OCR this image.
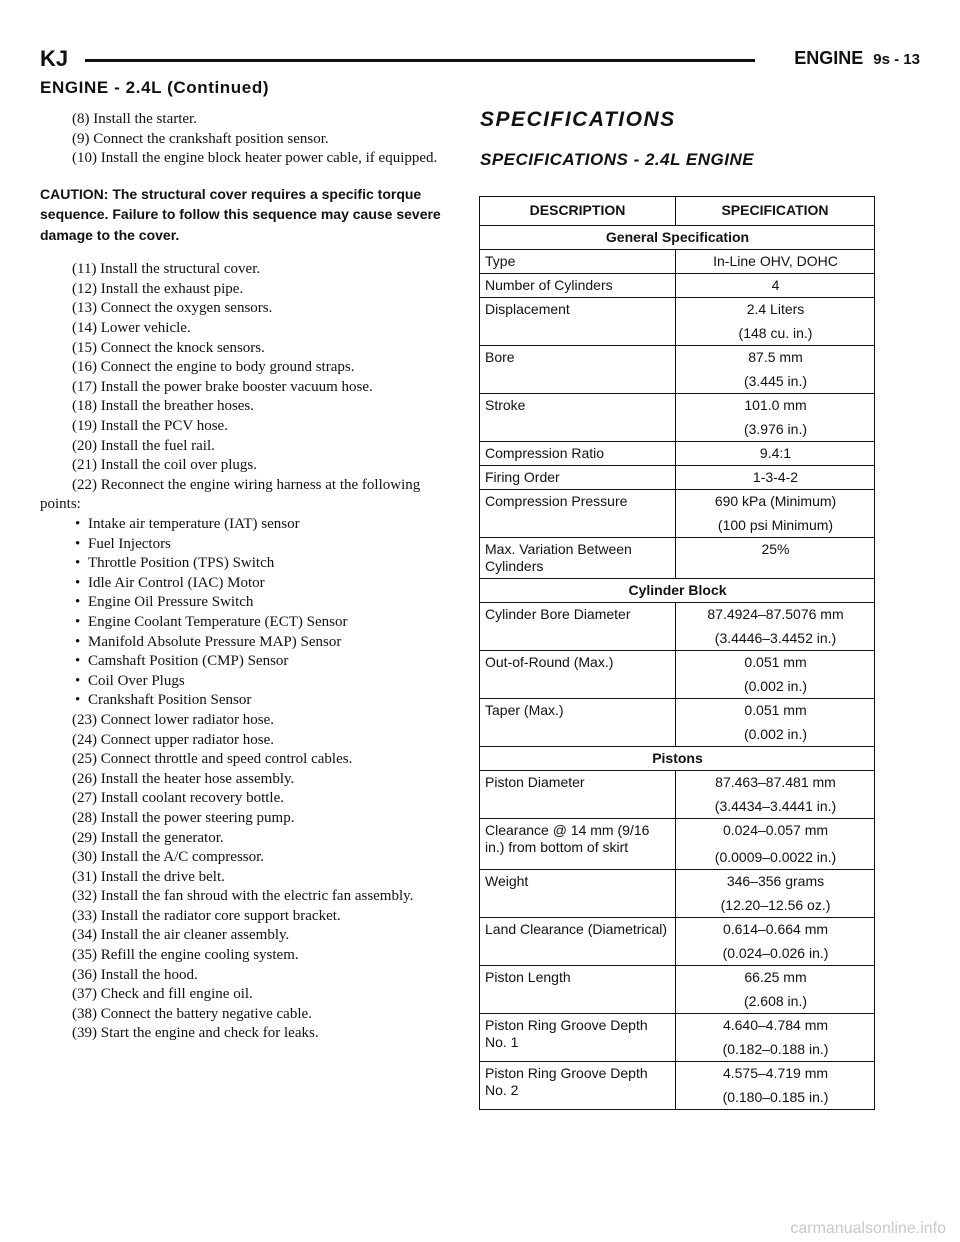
KJ	ENGINE 9s - 13
ENGINE - 2.4L (Continued)

(8) Install the starter.

(9) Connect the crankshaft position sensor.

(10) Install the engine block heater power cable, if equipped.

CAUTION: The structural cover requires a specific torque sequence. Failure to follow this sequence may cause severe damage to the cover.

(11) Install the structural cover.

(12) Install the exhaust pipe.

(13) Connect the oxygen sensors.

(14) Lower vehicle.

(15) Connect the knock sensors.

(16) Connect the engine to body ground straps.

(17) Install the power brake booster vacuum hose.

(18) Install the breather hoses.

(19) Install the PCV hose.

(20) Install the fuel rail.

(21) Install the coil over plugs.

(22) Reconnect the engine wiring harness at the following points:

• Intake air temperature (IAT) sensor

• Fuel Injectors

• Throttle Position (TPS) Switch

• Idle Air Control (IAC) Motor

• Engine Oil Pressure Switch

• Engine Coolant Temperature (ECT) Sensor

• Manifold Absolute Pressure MAP) Sensor

• Camshaft Position (CMP) Sensor

• Coil Over Plugs

• Crankshaft Position Sensor

(23) Connect lower radiator hose.

(24) Connect upper radiator hose.

(25) Connect throttle and speed control cables.

(26) Install the heater hose assembly.

(27) Install coolant recovery bottle.

(28) Install the power steering pump.

(29) Install the generator.

(30) Install the A/C compressor.

(31) Install the drive belt.

(32) Install the fan shroud with the electric fan assembly.

(33) Install the radiator core support bracket.

(34) Install the air cleaner assembly.

(35) Refill the engine cooling system.

(36) Install the hood.

(37) Check and fill engine oil.

(38) Connect the battery negative cable.

(39) Start the engine and check for leaks.

SPECIFICATIONS
SPECIFICATIONS - 2.4L ENGINE
DESCRIPTION	SPECIFICATION
General Specification	
Type	In-Line OHV, DOHC

Number of Cylinders	4

Displacement	2.4 Liters
(148 cu. in.)

Bore	87.5 mm
(3.445 in.)

Stroke	101.0 mm
(3.976 in.)

Compression Ratio	9.4:1

Firing Order	1-3-4-2

Compression Pressure	690 kPa (Minimum)
(100 psi Minimum)

Max. Variation Between Cylinders	25%

Cylinder Block	
Cylinder Bore Diameter	87.4924–87.5076 mm
(3.4446–3.4452 in.)

Out-of-Round (Max.)	0.051 mm
(0.002 in.)

Taper (Max.)	0.051 mm
(0.002 in.)

Pistons	
Piston Diameter	87.463–87.481 mm
(3.4434–3.4441 in.)

Clearance @ 14 mm (9/16 in.) from bottom of skirt	0.024–0.057 mm
(0.0009–0.0022 in.)

Weight	346–356 grams
(12.20–12.56 oz.)

Land Clearance (Diametrical)	0.614–0.664 mm
(0.024–0.026 in.)

Piston Length	66.25 mm
(2.608 in.)

Piston Ring Groove Depth No. 1	4.640–4.784 mm
(0.182–0.188 in.)

Piston Ring Groove Depth No. 2	4.575–4.719 mm
(0.180–0.185 in.)
carmanualsonline.info
